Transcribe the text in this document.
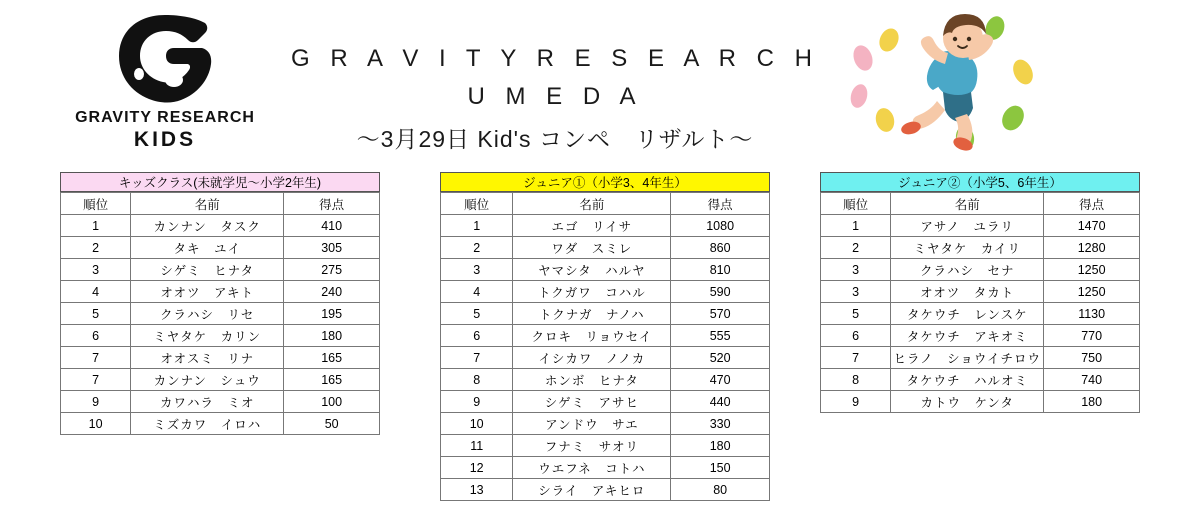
GRAVITY RESEARCH
KIDS
G R A V I T Y R E S E A R C H
U M E D A
〜3月29日 Kid's コンペ　リザルト〜
キッズクラス(未就学児〜小学2年生)
順位	名前	得点
1	カンナン　タスク	410
2	タキ　ユイ	305
3	シゲミ　ヒナタ	275
4	オオツ　アキト	240
5	クラハシ　リセ	195
6	ミヤタケ　カリン	180
7	オオスミ　リナ	165
7	カンナン　シュウ	165
9	カワハラ　ミオ	100
10	ミズカワ　イロハ	50
ジュニア①（小学3、4年生）
順位	名前	得点
1	エゴ　リイサ	1080
2	ワダ　スミレ	860
3	ヤマシタ　ハルヤ	810
4	トクガワ　コハル	590
5	トクナガ　ナノハ	570
6	クロキ　リョウセイ	555
7	イシカワ　ノノカ	520
8	ホンボ　ヒナタ	470
9	シゲミ　アサヒ	440
10	アンドウ　サエ	330
11	フナミ　サオリ	180
12	ウエフネ　コトハ	150
13	シライ　アキヒロ	80
ジュニア②（小学5、6年生）
順位	名前	得点
1	アサノ　ユラリ	1470
2	ミヤタケ　カイリ	1280
3	クラハシ　セナ	1250
3	オオツ　タカト	1250
5	タケウチ　レンスケ	1130
6	タケウチ　アキオミ	770
7	ヒラノ　ショウイチロウ	750
8	タケウチ　ハルオミ	740
9	カトウ　ケンタ	180
